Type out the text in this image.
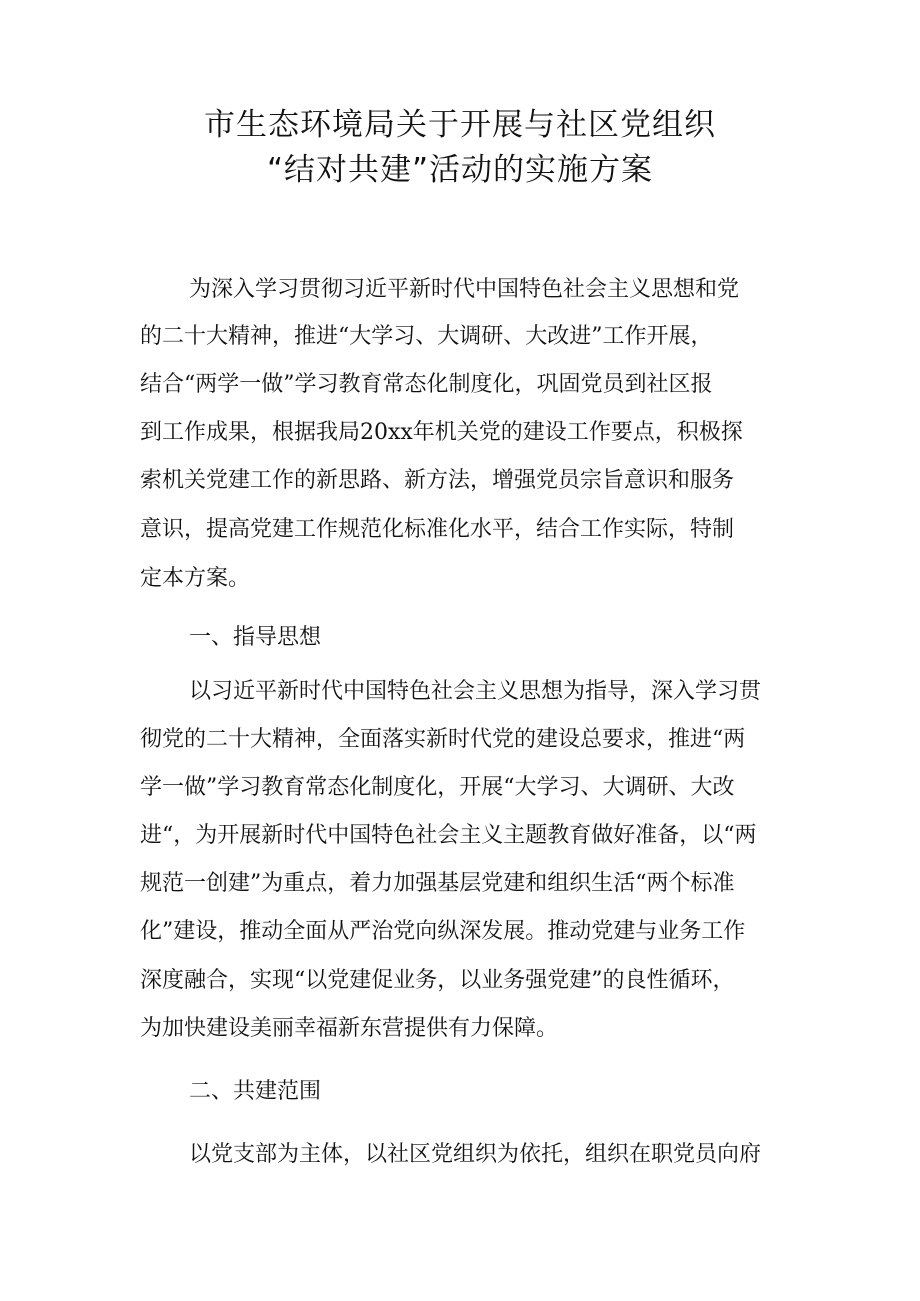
市生态环境局关于开展与社区党组织
“结对共建”活动的实施方案
为深入学习贯彻习近平新时代中国特色社会主义思想和党
的二十大精神，推进“大学习、大调研、大改进”工作开展，
结合“两学一做”学习教育常态化制度化，巩固党员到社区报
到工作成果，根据我局20xx年机关党的建设工作要点，积极探
索机关党建工作的新思路、新方法，增强党员宗旨意识和服务
意识，提高党建工作规范化标准化水平，结合工作实际，特制
定本方案。
一、指导思想
以习近平新时代中国特色社会主义思想为指导，深入学习贯
彻党的二十大精神，全面落实新时代党的建设总要求，推进“两
学一做”学习教育常态化制度化，开展“大学习、大调研、大改
进“，为开展新时代中国特色社会主义主题教育做好准备，以“两
规范一创建”为重点，着力加强基层党建和组织生活“两个标准
化”建设，推动全面从严治党向纵深发展。推动党建与业务工作
深度融合，实现“以党建促业务，以业务强党建”的良性循环，
为加快建设美丽幸福新东营提供有力保障。
二、共建范围
以党支部为主体，以社区党组织为依托，组织在职党员向府
